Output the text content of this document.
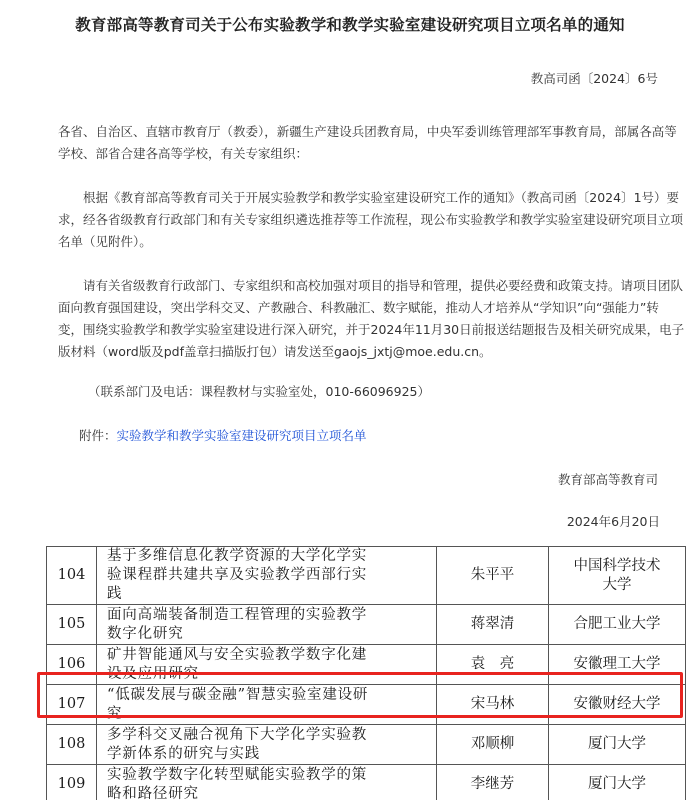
教育部高等教育司关于公布实验教学和教学实验室建设研究项目立项名单的通知
教高司函〔2024〕6号
各省、自治区、直辖市教育厅（教委），新疆生产建设兵团教育局，中央军委训练管理部军事教育局，部属各高等
学校、部省合建各高等学校，有关专家组织：
根据《教育部高等教育司关于开展实验教学和教学实验室建设研究工作的通知》（教高司函〔2024〕1号）要
求，经各省级教育行政部门和有关专家组织遴选推荐等工作流程，现公布实验教学和教学实验室建设研究项目立项
名单（见附件）。
请有关省级教育行政部门、专家组织和高校加强对项目的指导和管理，提供必要经费和政策支持。请项目团队
面向教育强国建设，突出学科交叉、产教融合、科教融汇、数字赋能，推动人才培养从“学知识”向“强能力”转
变，围绕实验教学和教学实验室建设进行深入研究，并于2024年11月30日前报送结题报告及相关研究成果，电子
版材料（word版及pdf盖章扫描版打包）请发送至gaojs_jxtj@moe.edu.cn。
（联系部门及电话：课程教材与实验室处，010-66096925）
附件：实验教学和教学实验室建设研究项目立项名单
教育部高等教育司
2024年6月20日
104	基于多维信息化教学资源的大学化学实
验课程群共建共享及实验教学西部行实
践	朱平平	中国科学技术
大学

105	面向高端装备制造工程管理的实验教学
数字化研究	蒋翠清	合肥工业大学
106	矿井智能通风与安全实验教学数字化建
设及应用研究	袁　亮	安徽理工大学
107	“低碳发展与碳金融”智慧实验室建设研
究	宋马林	安徽财经大学
108	多学科交叉融合视角下大学化学实验教
学新体系的研究与实践	邓顺柳	厦门大学
109	实验教学数字化转型赋能实验教学的策
略和路径研究	李继芳	厦门大学
